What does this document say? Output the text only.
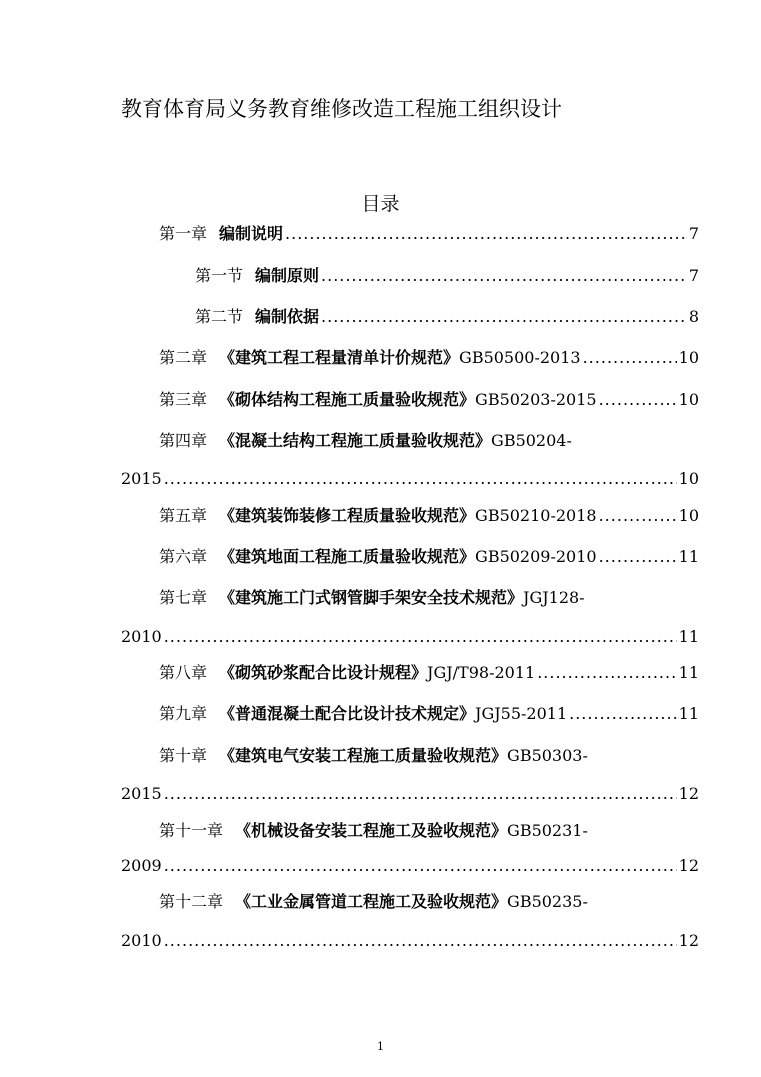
教育体育局义务教育维修改造工程施工组织设计
目录
第一章 编制说明 .....	7
第一节 编制原则 .....	7
第二节 编制依据 .....	8
第二章 《建筑工程工程量清单计价规范》 GB50500-2013 .....	10
第三章 《砌体结构工程施工质量验收规范》 GB50203-2015 .....	10
第四章 《混凝土结构工程施工质量验收规范》 GB50204-
2015 .....	10
第五章 《建筑装饰装修工程质量验收规范》 GB50210-2018 .....	10
第六章 《建筑地面工程施工质量验收规范》 GB50209-2010 .....	11
第七章 《建筑施工门式钢管脚手架安全技术规范》 JGJ128-
2010 .....	11
第八章 《砌筑砂浆配合比设计规程》 JGJ/T98-2011 .....	11
第九章 《普通混凝土配合比设计技术规定》 JGJ55-2011 .....	11
第十章 《建筑电气安装工程施工质量验收规范》 GB50303-
2015 .....	12
第十一章 《机械设备安装工程施工及验收规范》 GB50231-
2009 .....	12
第十二章 《工业金属管道工程施工及验收规范》 GB50235-
2010 .....	12
1
